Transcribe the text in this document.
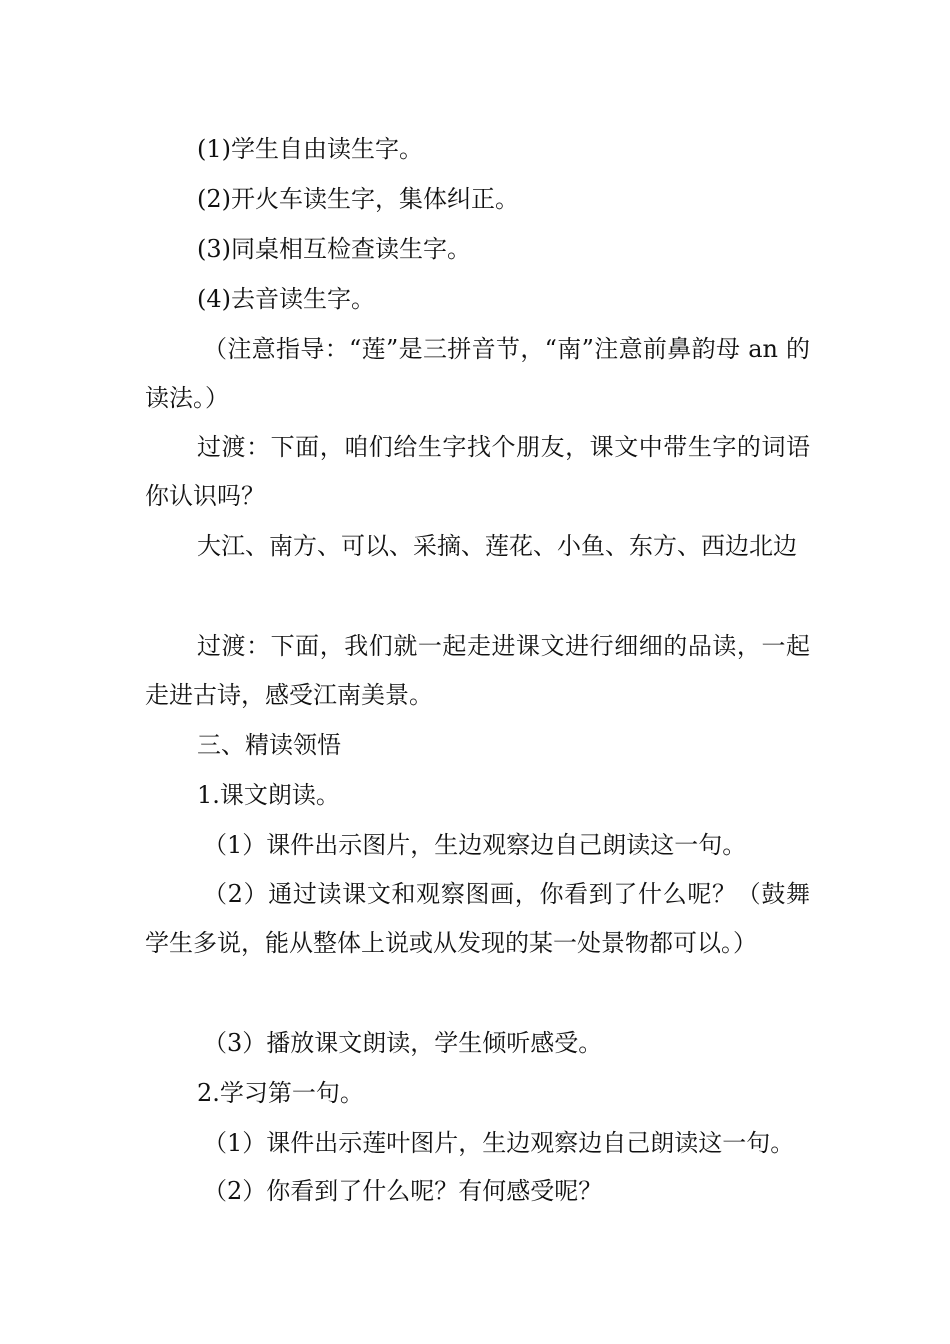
(1)学生自由读生字。

(2)开火车读生字，集体纠正。

(3)同桌相互检查读生字。

(4)去音读生字。

（注意指导：“莲”是三拼音节，“南”注意前鼻韵母 an 的读法。）

过渡：下面，咱们给生字找个朋友，课文中带生字的词语你认识吗？

大江、南方、可以、采摘、莲花、小鱼、东方、西边北边

过渡：下面，我们就一起走进课文进行细细的品读，一起走进古诗，感受江南美景。

三、精读领悟

1.课文朗读。

（1）课件出示图片，生边观察边自己朗读这一句。

（2）通过读课文和观察图画，你看到了什么呢？（鼓舞学生多说，能从整体上说或从发现的某一处景物都可以。）

（3）播放课文朗读，学生倾听感受。

2.学习第一句。

（1）课件出示莲叶图片，生边观察边自己朗读这一句。

（2）你看到了什么呢？有何感受呢？
